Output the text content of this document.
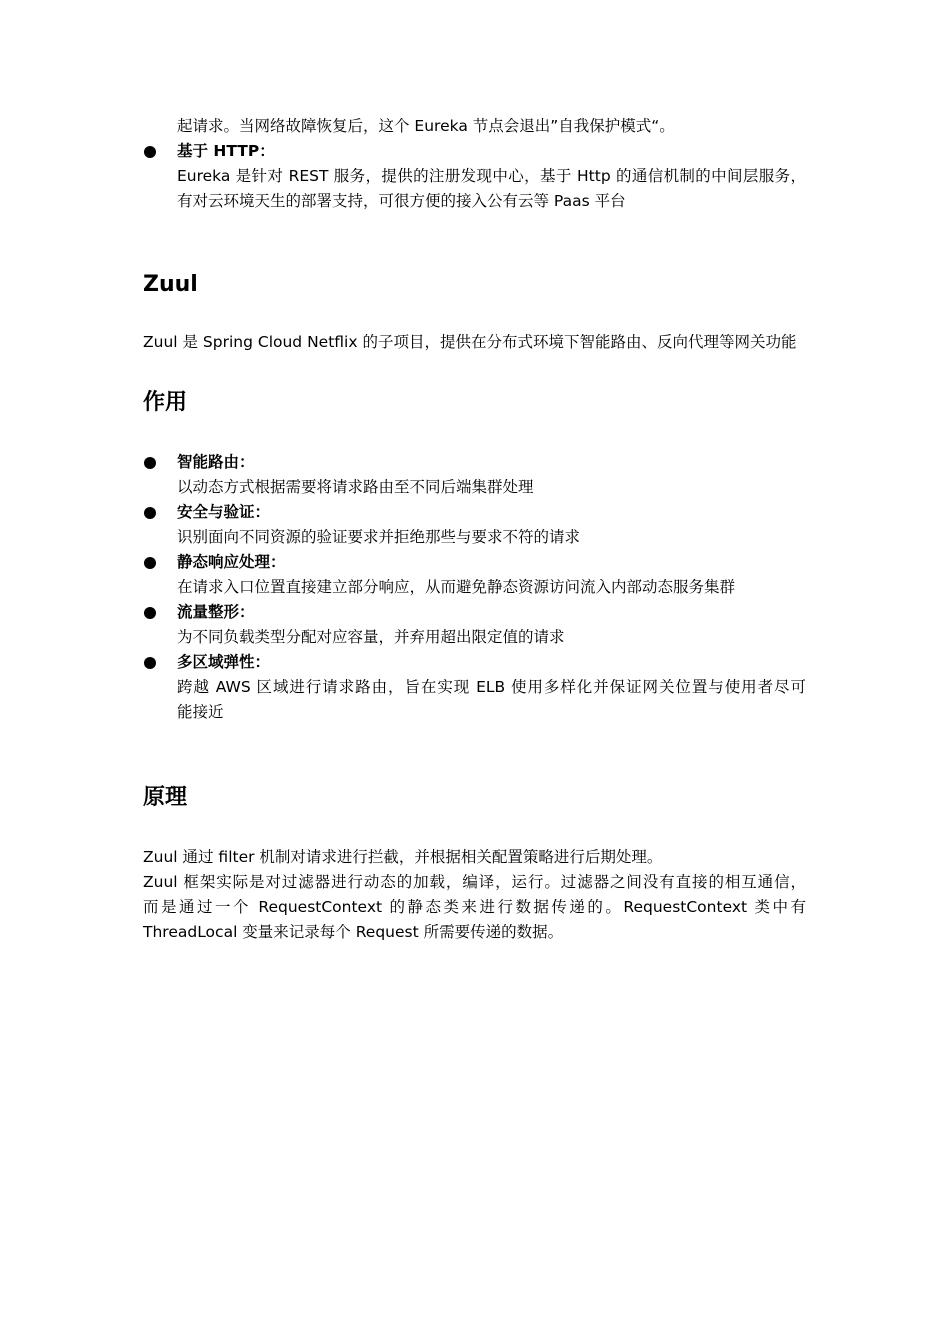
起请求。当网络故障恢复后，这个 Eureka 节点会退出”自我保护模式“。
基于 HTTP：
Eureka 是针对 REST 服务，提供的注册发现中心，基于 Http 的通信机制的中间层服务，
有对云环境天生的部署支持，可很方便的接入公有云等 Paas 平台
Zuul
Zuul 是 Spring Cloud Netflix 的子项目，提供在分布式环境下智能路由、反向代理等网关功能
作用
智能路由：
以动态方式根据需要将请求路由至不同后端集群处理
安全与验证：
识别面向不同资源的验证要求并拒绝那些与要求不符的请求
静态响应处理：
在请求入口位置直接建立部分响应，从而避免静态资源访问流入内部动态服务集群
流量整形：
为不同负载类型分配对应容量，并弃用超出限定值的请求
多区域弹性：
跨越 AWS 区域进行请求路由，旨在实现 ELB 使用多样化并保证网关位置与使用者尽可
能接近
原理
Zuul 通过 filter 机制对请求进行拦截，并根据相关配置策略进行后期处理。
Zuul 框架实际是对过滤器进行动态的加载，编译，运行。过滤器之间没有直接的相互通信，
而是通过一个 RequestContext 的静态类来进行数据传递的。RequestContext 类中有
ThreadLocal 变量来记录每个 Request 所需要传递的数据。
